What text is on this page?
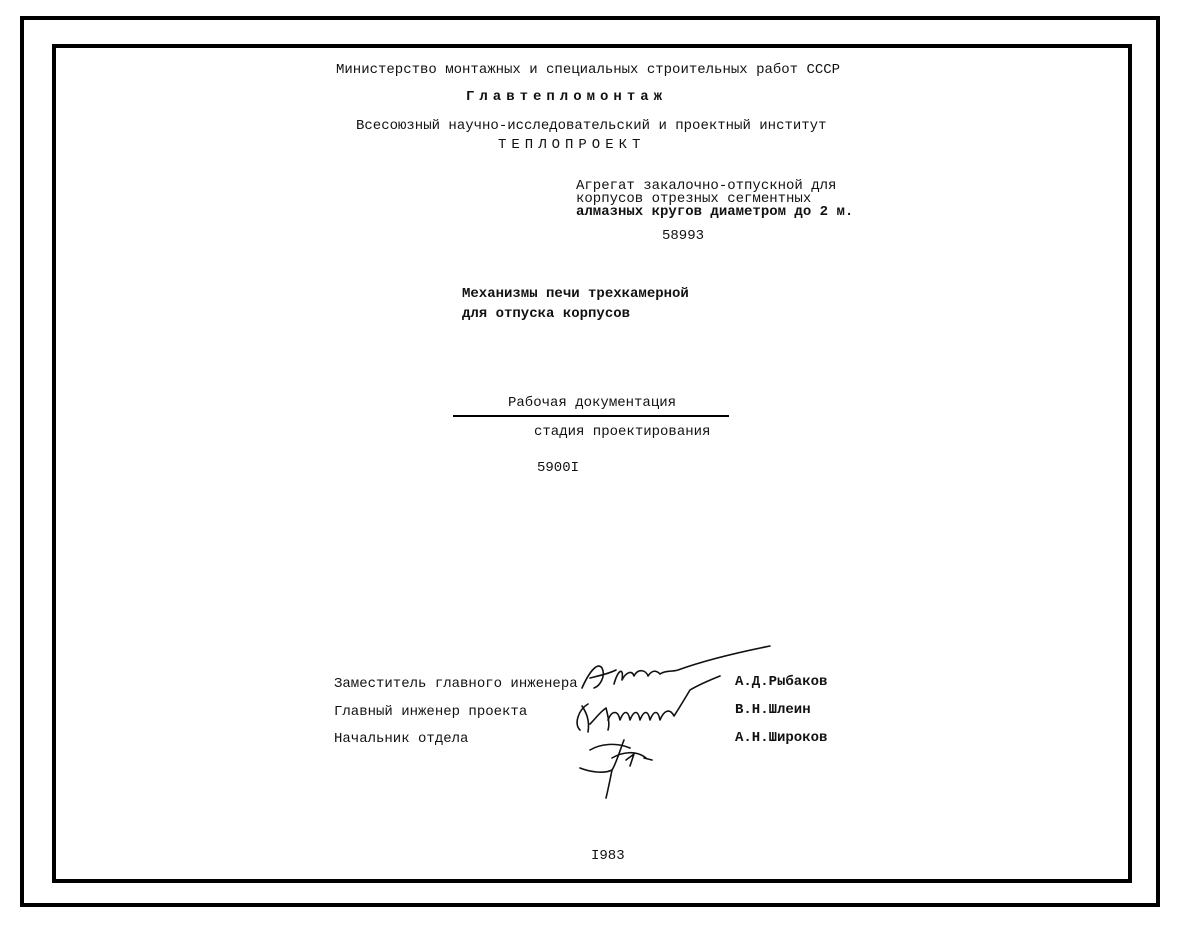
Министерство монтажных и специальных строительных работ СССР
Главтепломонтаж
Всесоюзный научно-исследовательский и проектный институт
ТЕПЛОПРОЕКТ
Агрегат закалочно-отпускной для
корпусов отрезных сегментных
алмазных кругов диаметром до 2 м.
58993
Механизмы печи трехкамерной
для отпуска корпусов
Рабочая документация
стадия проектирования
5900I
Заместитель главного инженера	А.Д.Рыбаков
Главный инженер проекта	В.Н.Шлеин
Начальник отдела	А.Н.Широков
I983
